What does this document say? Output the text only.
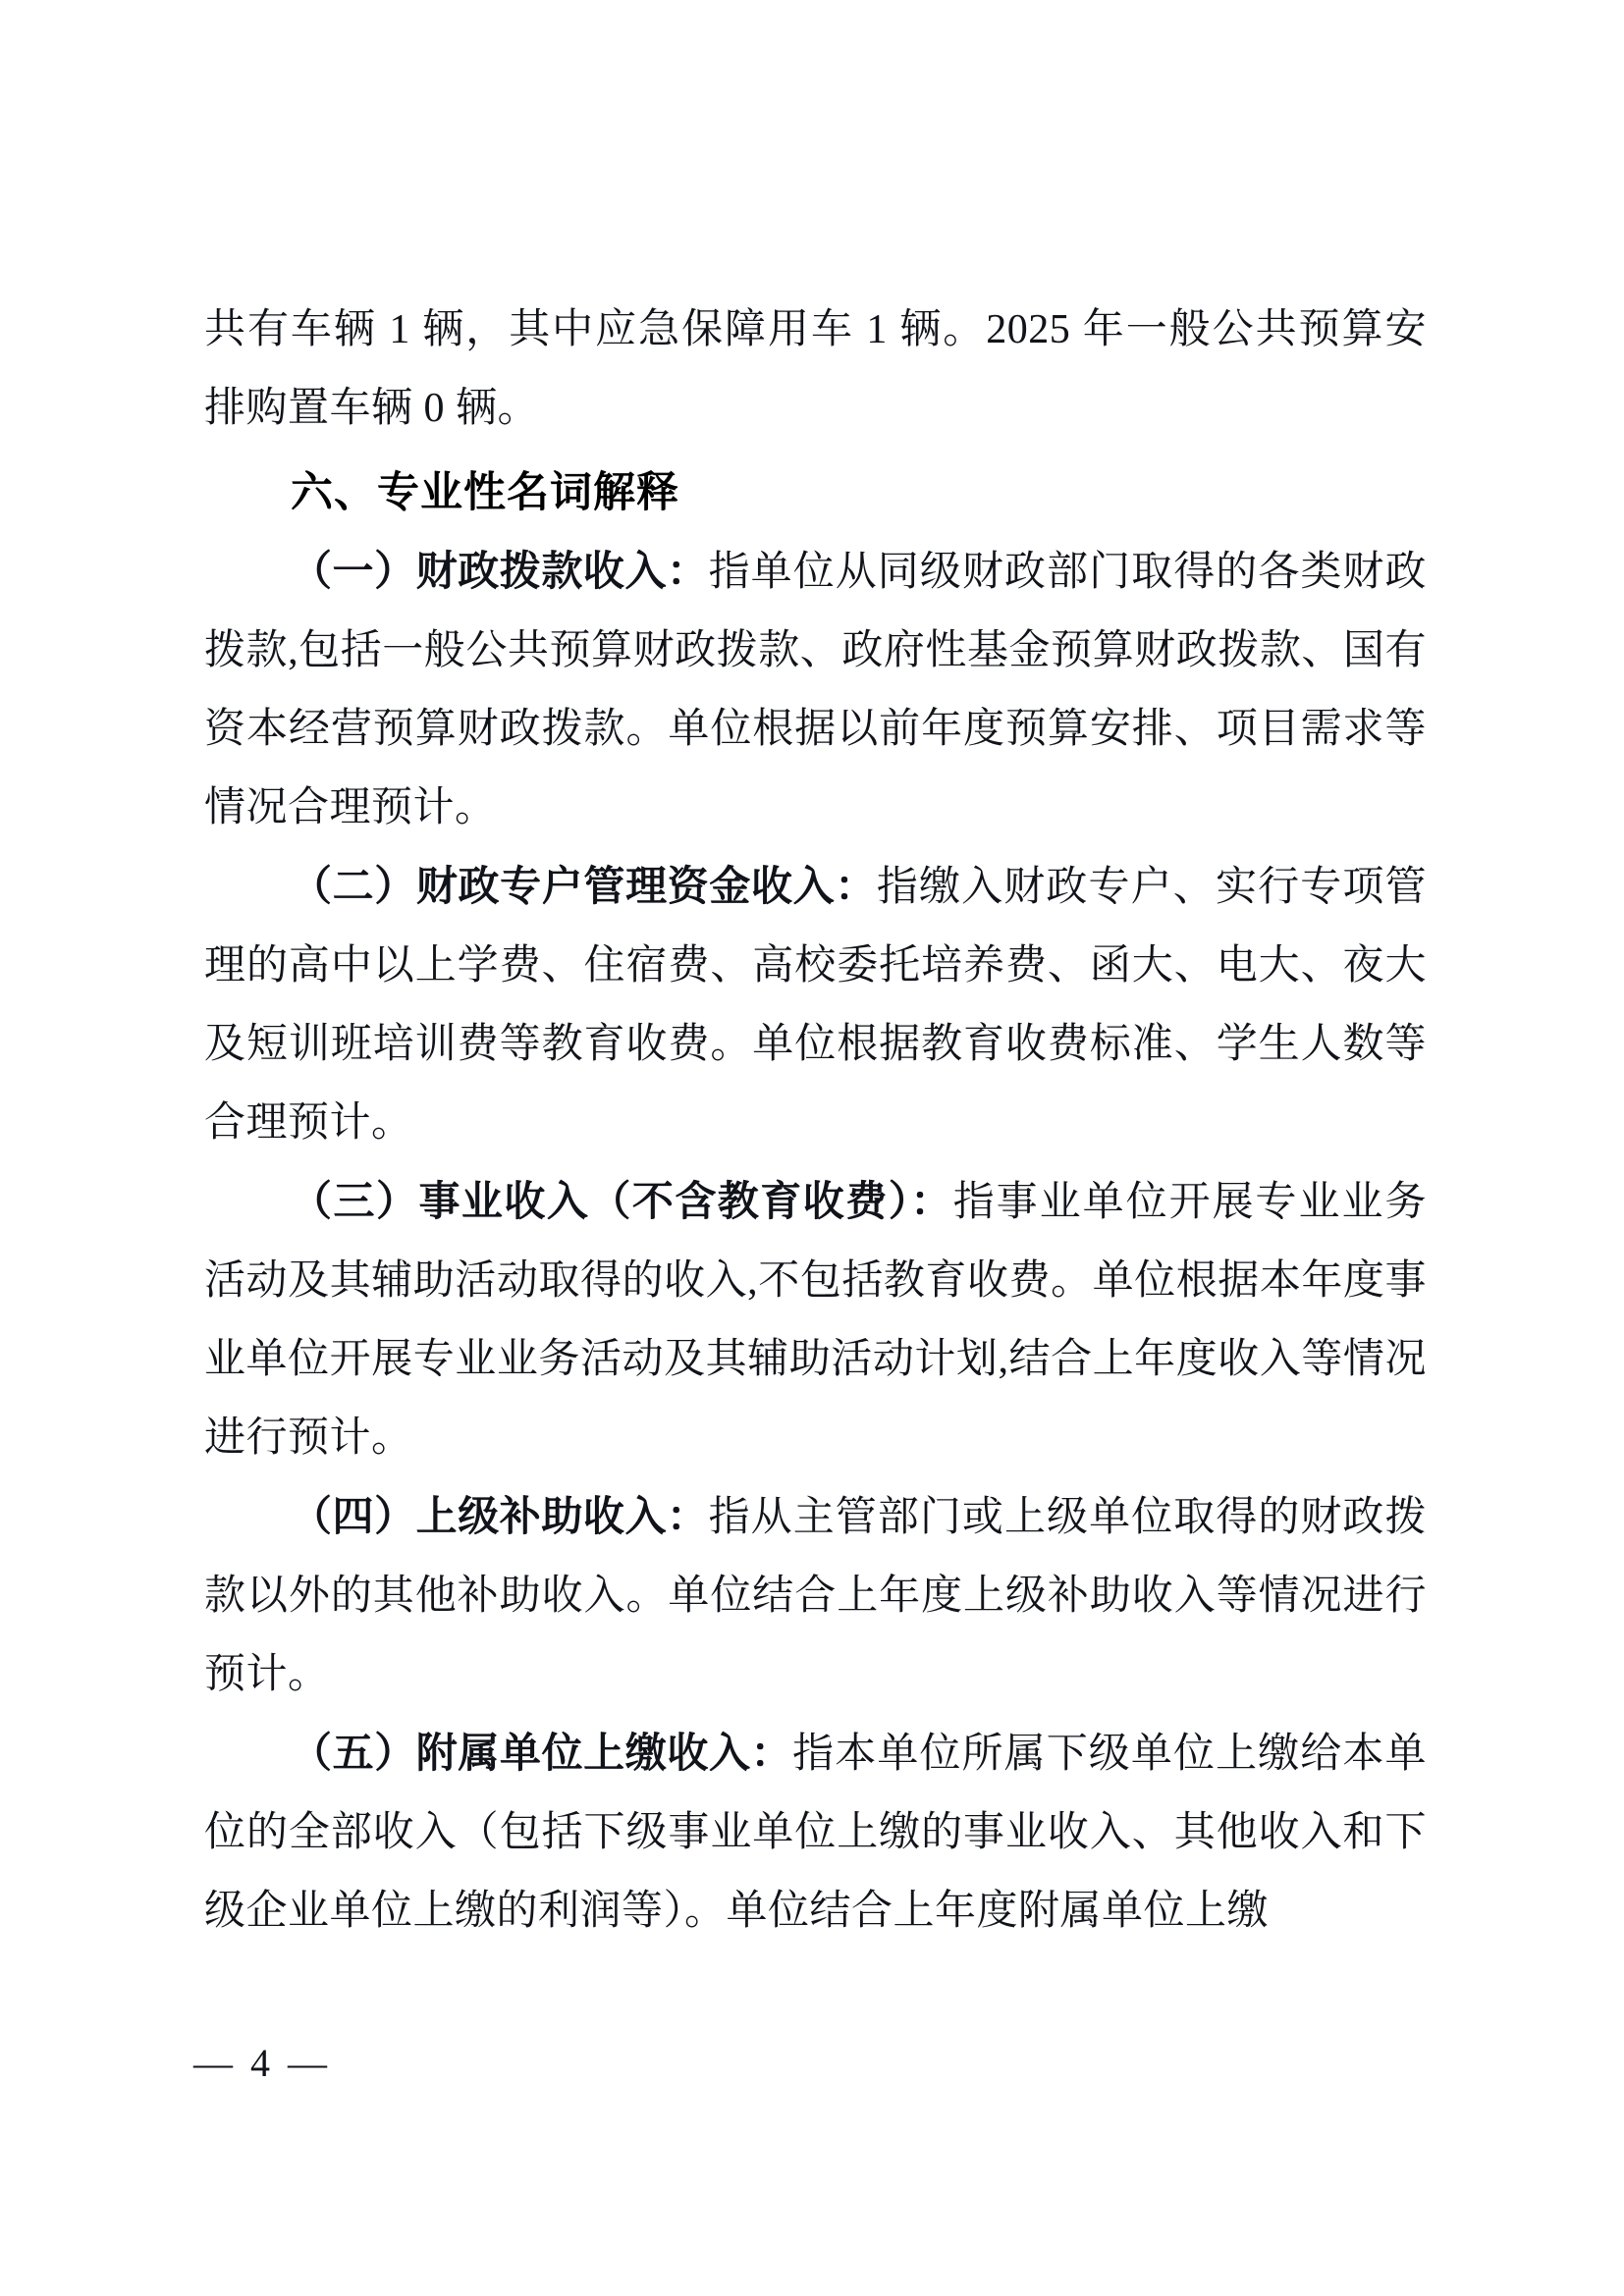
共有车辆 1 辆，其中应急保障用车 1 辆。2025 年一般公共预算安排购置车辆 0 辆。

六、专业性名词解释

（一）财政拨款收入：指单位从同级财政部门取得的各类财政拨款,包括一般公共预算财政拨款、政府性基金预算财政拨款、国有资本经营预算财政拨款。单位根据以前年度预算安排、项目需求等情况合理预计。

（二）财政专户管理资金收入：指缴入财政专户、实行专项管理的高中以上学费、住宿费、高校委托培养费、函大、电大、夜大及短训班培训费等教育收费。单位根据教育收费标准、学生人数等合理预计。

（三）事业收入（不含教育收费）：指事业单位开展专业业务活动及其辅助活动取得的收入,不包括教育收费。单位根据本年度事业单位开展专业业务活动及其辅助活动计划,结合上年度收入等情况进行预计。

（四）上级补助收入：指从主管部门或上级单位取得的财政拨款以外的其他补助收入。单位结合上年度上级补助收入等情况进行预计。

（五）附属单位上缴收入：指本单位所属下级单位上缴给本单位的全部收入（包括下级事业单位上缴的事业收入、其他收入和下级企业单位上缴的利润等）。单位结合上年度附属单位上缴

— 4 —
